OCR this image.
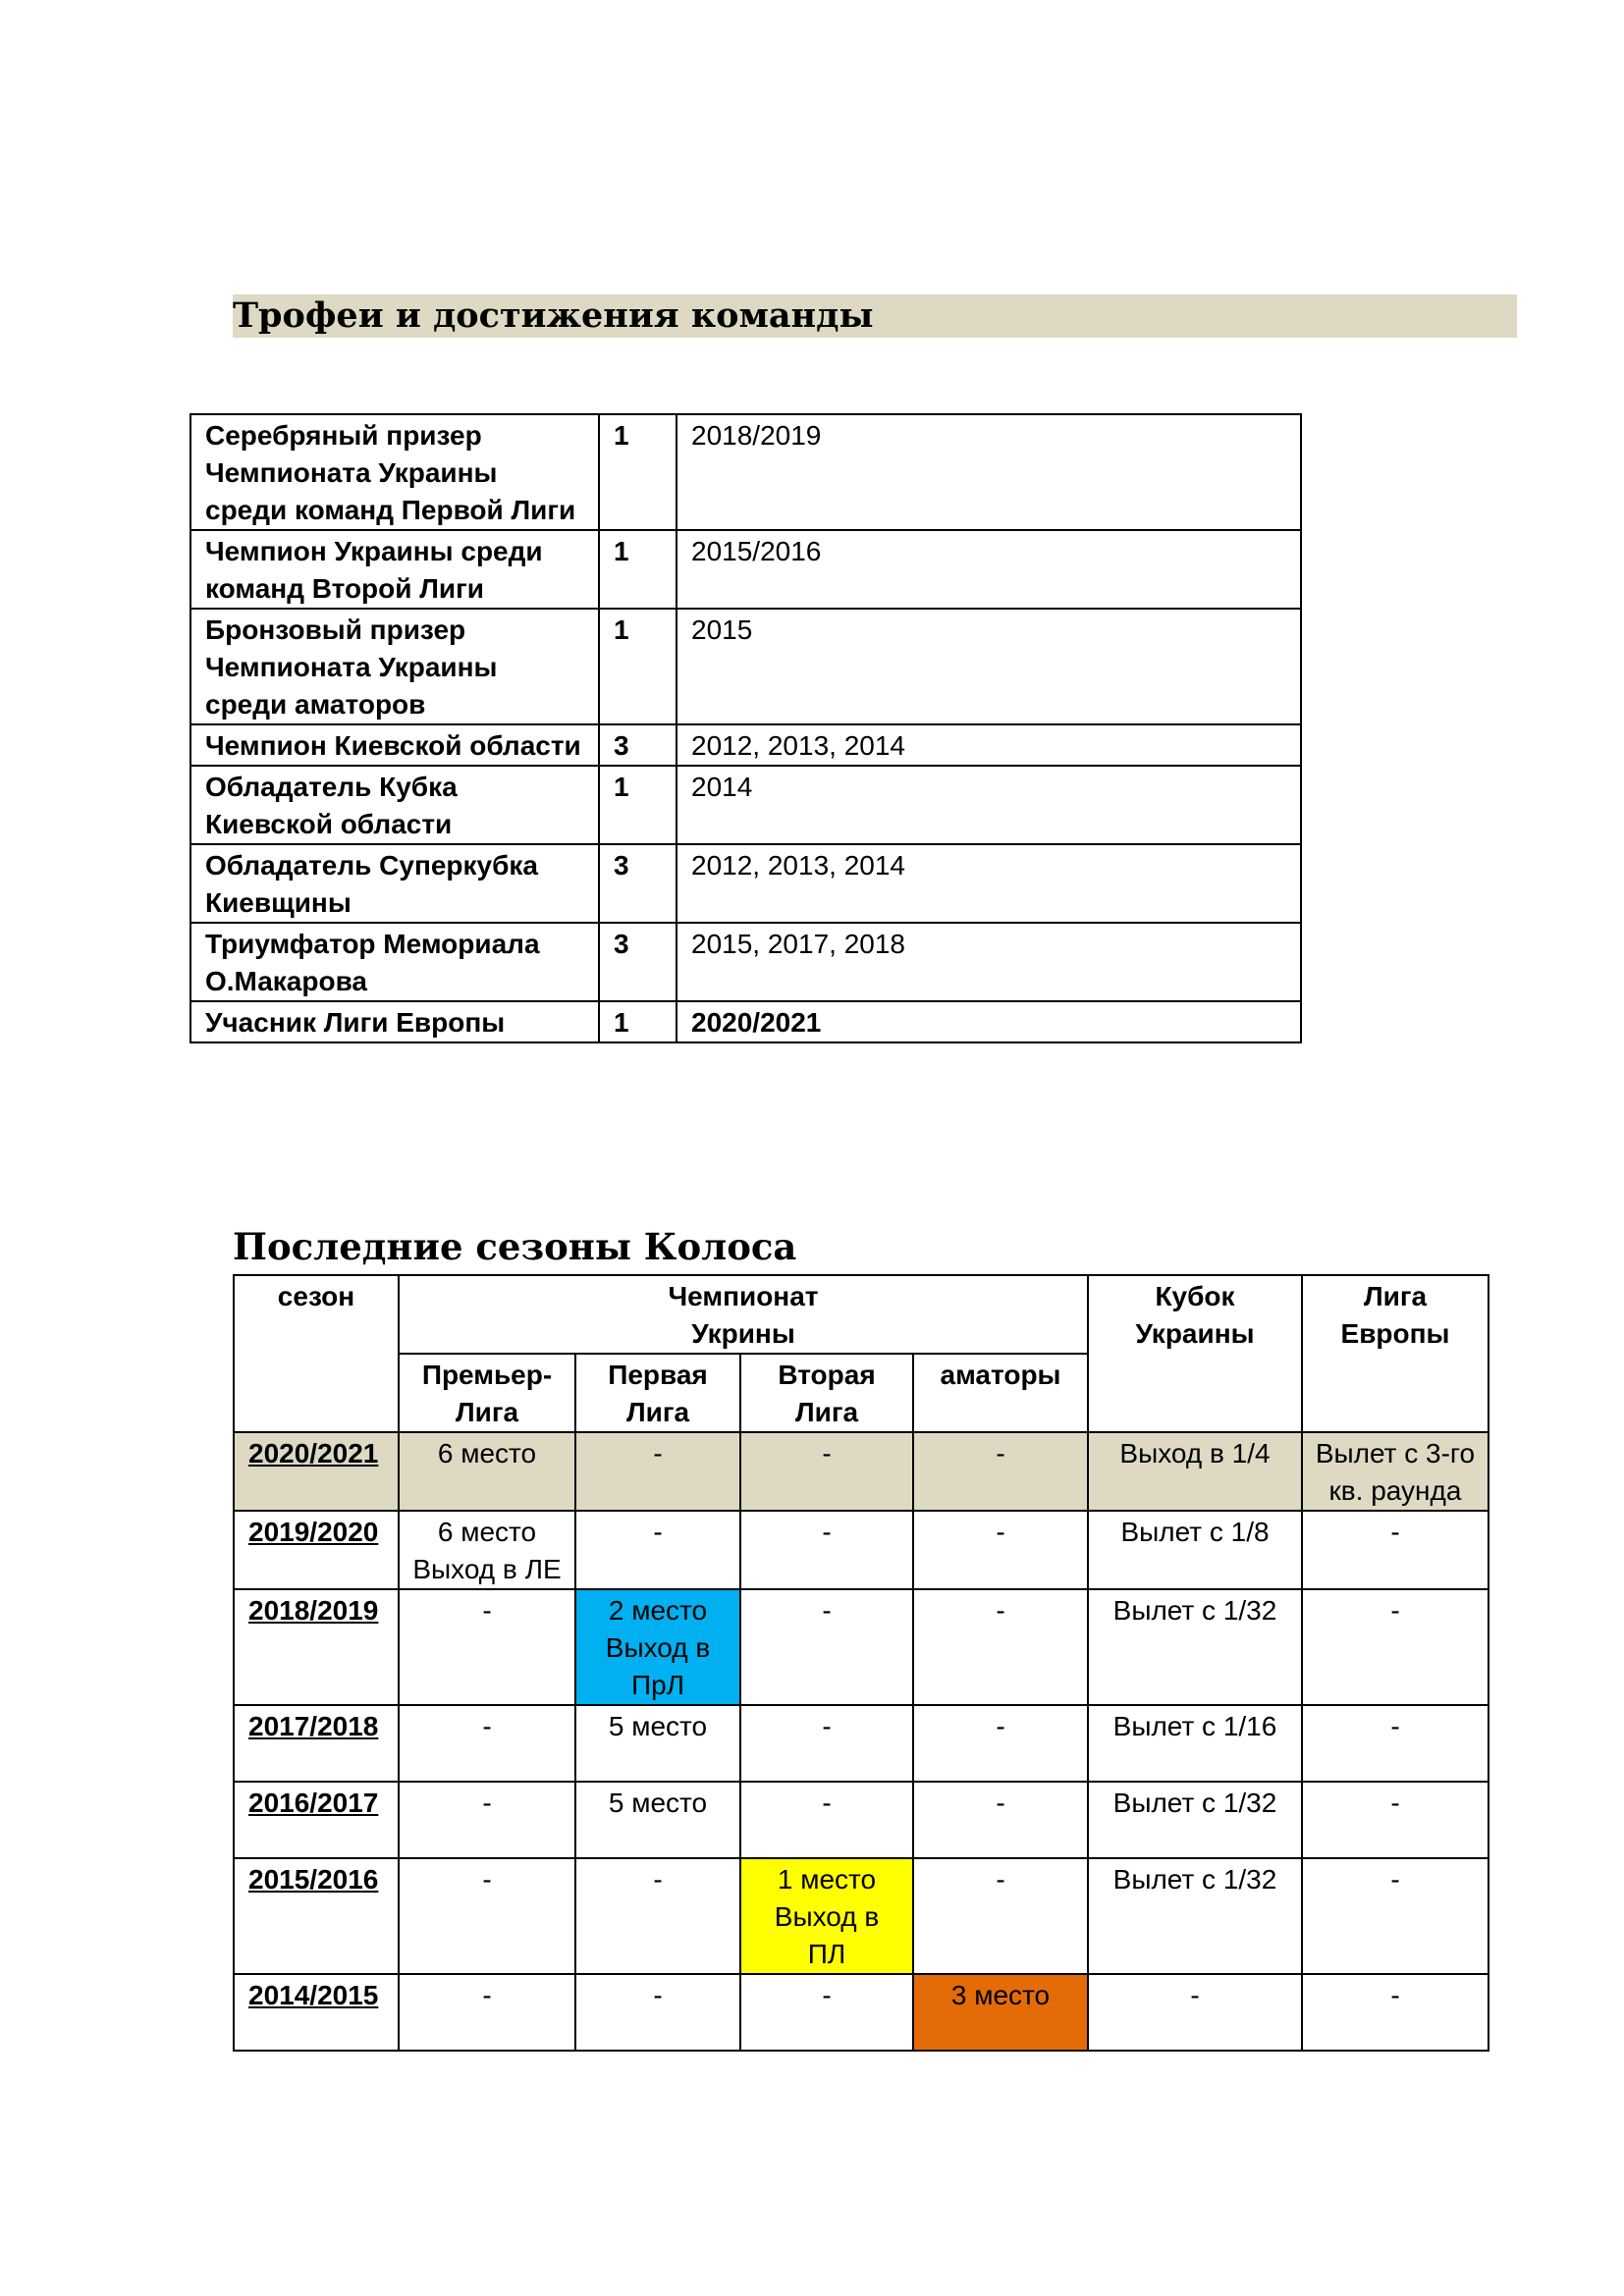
Трофеи и достижения команды
Серебряный призер Чемпионата Украины среди команд Первой Лиги	1	2018/2019
Чемпион Украины среди команд Второй Лиги	1	2015/2016
Бронзовый призер Чемпионата Украины среди аматоров	1	2015
Чемпион Киевской области	3	2012, 2013, 2014
Обладатель Кубка Киевской области	1	2014
Обладатель Суперкубка Киевщины	3	2012, 2013, 2014
Триумфатор Мемориала О.Макарова	3	2015, 2017, 2018
Учасник Лиги Европы	1	2020/2021
Последние сезоны Колоса
сезон	Чемпионат Укрины				Кубок Украины	Лига Европы

	Премьер-Лига	Первая Лига	Вторая Лига	аматоры		
2020/2021	6 место	-	-	-	Выход в 1/4	Вылет с 3-го кв. раунда
2019/2020	6 место Выход в ЛЕ	-	-	-	Вылет с 1/8	-
2018/2019	-	2 место Выход в ПрЛ	-	-	Вылет с 1/32	-
2017/2018	-	5 место	-	-	Вылет с 1/16	-
2016/2017	-	5 место	-	-	Вылет с 1/32	-
2015/2016	-	-	1 место Выход в ПЛ	-	Вылет с 1/32	-
2014/2015	-	-	-	3 место	-	-
